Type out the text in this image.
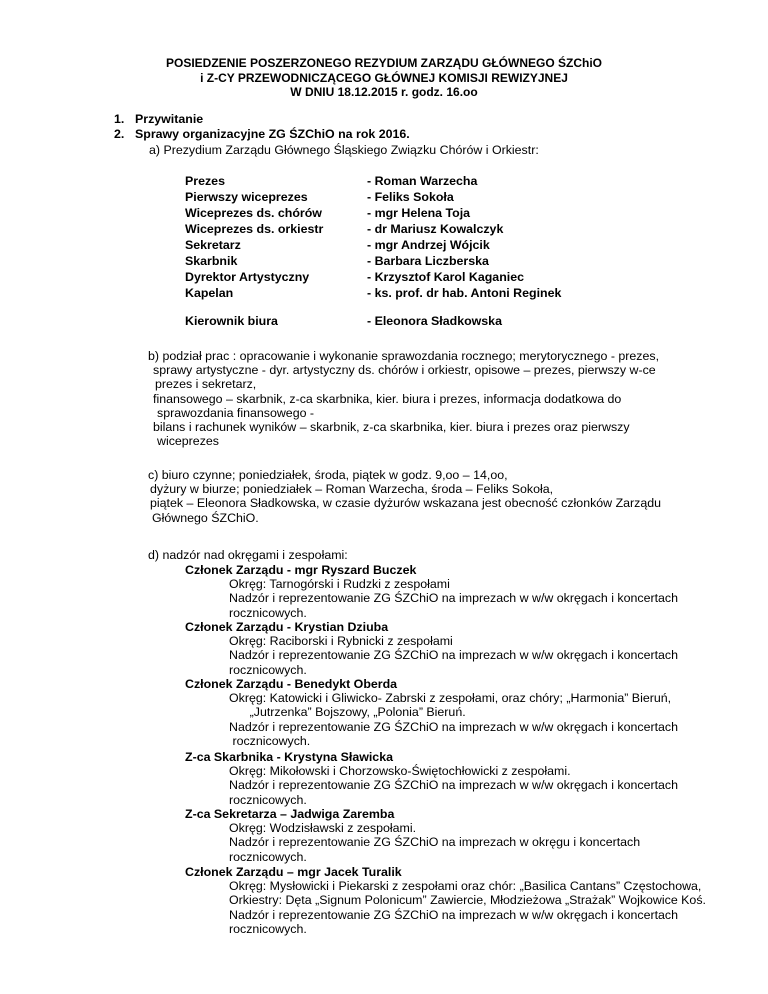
POSIEDZENIE POSZERZONEGO REZYDIUM ZARZĄDU GŁÓWNEGO ŚZChiO
i Z-CY PRZEWODNICZĄCEGO GŁÓWNEJ KOMISJI REWIZYJNEJ
W DNIU 18.12.2015 r. godz. 16.oo
1. Przywitanie
2. Sprawy organizacyjne ZG ŚZChiO na rok 2016.
a) Prezydium Zarządu Głównego Śląskiego Związku Chórów i Orkiestr:
Prezes	- Roman Warzecha
Pierwszy wiceprezes	- Feliks Sokoła
Wiceprezes ds. chórów	- mgr Helena Toja
Wiceprezes ds. orkiestr	- dr Mariusz Kowalczyk
Sekretarz	- mgr Andrzej Wójcik
Skarbnik	- Barbara Liczberska
Dyrektor Artystyczny	- Krzysztof Karol Kaganiec
Kapelan	- ks. prof. dr hab. Antoni Reginek
Kierownik biura	- Eleonora Sładkowska
b) podział prac : opracowanie i wykonanie sprawozdania rocznego; merytorycznego - prezes,
sprawy artystyczne - dyr. artystyczny ds. chórów i orkiestr, opisowe – prezes, pierwszy w-ce
prezes i sekretarz,
finansowego – skarbnik, z-ca skarbnika, kier. biura i prezes, informacja dodatkowa do
sprawozdania finansowego -
bilans i rachunek wyników – skarbnik, z-ca skarbnika, kier. biura i prezes oraz pierwszy
wiceprezes
c) biuro czynne; poniedziałek, środa, piątek w godz. 9,oo – 14,oo,
dyżury w biurze; poniedziałek – Roman Warzecha, środa – Feliks Sokoła,
piątek – Eleonora Sładkowska, w czasie dyżurów wskazana jest obecność członków Zarządu
Głównego ŚZChiO.
d) nadzór nad okręgami i zespołami:
Członek Zarządu - mgr Ryszard Buczek
Okręg: Tarnogórski i Rudzki z zespołami
Nadzór i reprezentowanie ZG ŚZChiO na imprezach w w/w okręgach i koncertach
rocznicowych.
Członek Zarządu - Krystian Dziuba
Okręg: Raciborski i Rybnicki z zespołami
Nadzór i reprezentowanie ZG ŚZChiO na imprezach w w/w okręgach i koncertach
rocznicowych.
Członek Zarządu - Benedykt Oberda
Okręg: Katowicki i Gliwicko- Zabrski z zespołami, oraz chóry; „Harmonia” Bieruń,
„Jutrzenka” Bojszowy, „Polonia” Bieruń.
Nadzór i reprezentowanie ZG ŚZChiO na imprezach w w/w okręgach i koncertach
rocznicowych.
Z-ca Skarbnika - Krystyna Sławicka
Okręg: Mikołowski i Chorzowsko-Świętochłowicki z zespołami.
Nadzór i reprezentowanie ZG ŚZChiO na imprezach w w/w okręgach i koncertach
rocznicowych.
Z-ca Sekretarza – Jadwiga Zaremba
Okręg: Wodzisławski z zespołami.
Nadzór i reprezentowanie ZG ŚZChiO na imprezach w okręgu i koncertach
rocznicowych.
Członek Zarządu – mgr Jacek Turalik
Okręg: Mysłowicki i Piekarski z zespołami oraz chór: „Basilica Cantans” Częstochowa,
Orkiestry: Dęta „Signum Polonicum” Zawiercie, Młodzieżowa „Strażak” Wojkowice Koś.
Nadzór i reprezentowanie ZG ŚZChiO na imprezach w w/w okręgach i koncertach
rocznicowych.
